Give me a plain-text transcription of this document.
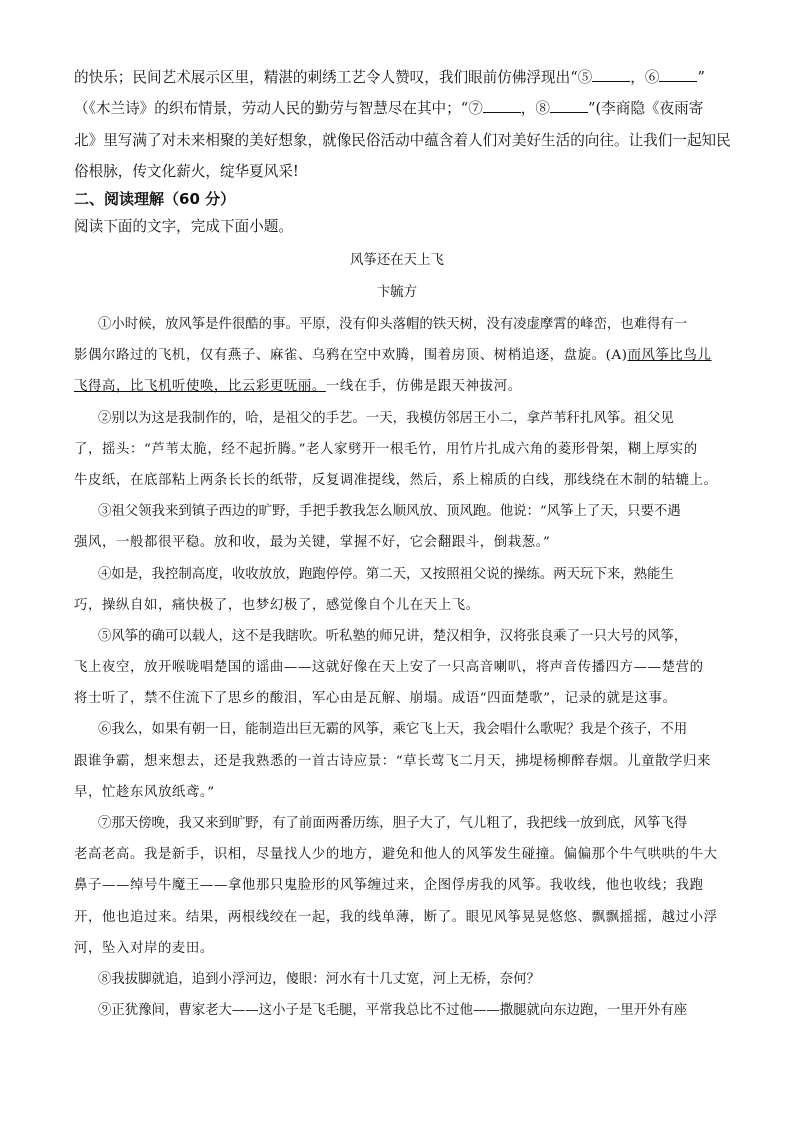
的快乐；民间艺术展示区里，精湛的刺绣工艺令人赞叹，我们眼前仿佛浮现出“⑤	，⑥	”
（《木兰诗》的织布情景，劳动人民的勤劳与智慧尽在其中；“⑦	，⑧	”(李商隐《夜雨寄
北》里写满了对未来相聚的美好想象，就像民俗活动中蕴含着人们对美好生活的向往。让我们一起知民
俗根脉，传文化薪火，绽华夏风采!
二、阅读理解（60 分）
阅读下面的文字，完成下面小题。
风筝还在天上飞
卞毓方
①小时候，放风筝是件很酷的事。平原，没有仰头落帽的铁天树，没有凌虚摩霄的峰峦，也难得有一
影偶尔路过的飞机，仅有燕子、麻雀、乌鸦在空中欢腾，围着房顶、树梢追逐，盘旋。(A)而风筝比鸟儿
飞得高，比飞机听使唤，比云彩更呒丽。一线在手，仿佛是跟天神拔河。
②别以为这是我制作的，哈，是祖父的手艺。一天，我模仿邻居王小二，拿芦苇秆扎风筝。祖父见
了，摇头：“芦苇太脆，经不起折腾。”老人家劈开一根毛竹，用竹片扎成六角的菱形骨架，糊上厚实的
牛皮纸，在底部粘上两条长长的纸带，反复调准提线，然后，系上棉质的白线，那线绕在木制的轱辘上。
③祖父领我来到镇子西边的旷野，手把手教我怎么顺风放、顶风跑。他说：“风筝上了天，只要不遇
强风，一般都很平稳。放和收，最为关键，掌握不好，它会翻跟斗，倒栽葱。”
④如是，我控制高度，收收放放，跑跑停停。第二天，又按照祖父说的操练。两天玩下来，熟能生
巧，操纵自如，痛快极了，也梦幻极了，感觉像自个儿在天上飞。
⑤风筝的确可以载人，这不是我瞎吹。听私塾的师兄讲，楚汉相争，汉将张良乘了一只大号的风筝，
飞上夜空，放开喉咙唱楚国的谣曲——这就好像在天上安了一只高音喇叭，将声音传播四方——楚营的
将士听了，禁不住流下了思乡的酸泪，军心由是瓦解、崩塌。成语“四面楚歌”，记录的就是这事。
⑥我么，如果有朝一日，能制造出巨无霸的风筝，乘它飞上天，我会唱什么歌呢？我是个孩子，不用
跟谁争霸，想来想去，还是我熟悉的一首古诗应景：“草长莺飞二月天，拂堤杨柳醉春烟。儿童散学归来
早，忙趁东风放纸鸢。”
⑦那天傍晚，我又来到旷野，有了前面两番历练，胆子大了，气儿粗了，我把线一放到底，风筝飞得
老高老高。我是新手，识相，尽量找人少的地方，避免和他人的风筝发生碰撞。偏偏那个牛气哄哄的牛大
鼻子——绰号牛魔王——拿他那只鬼脸形的风筝缠过来，企图俘虏我的风筝。我收线，他也收线；我跑
开，他也追过来。结果，两根线绞在一起，我的线单薄，断了。眼见风筝晃晃悠悠、飘飘摇摇，越过小浮
河，坠入对岸的麦田。
⑧我拔脚就追，追到小浮河边，傻眼：河水有十几丈宽，河上无桥，奈何？
⑨正犹豫间，曹家老大——这小子是飞毛腿，平常我总比不过他——撒腿就向东边跑，一里开外有座
